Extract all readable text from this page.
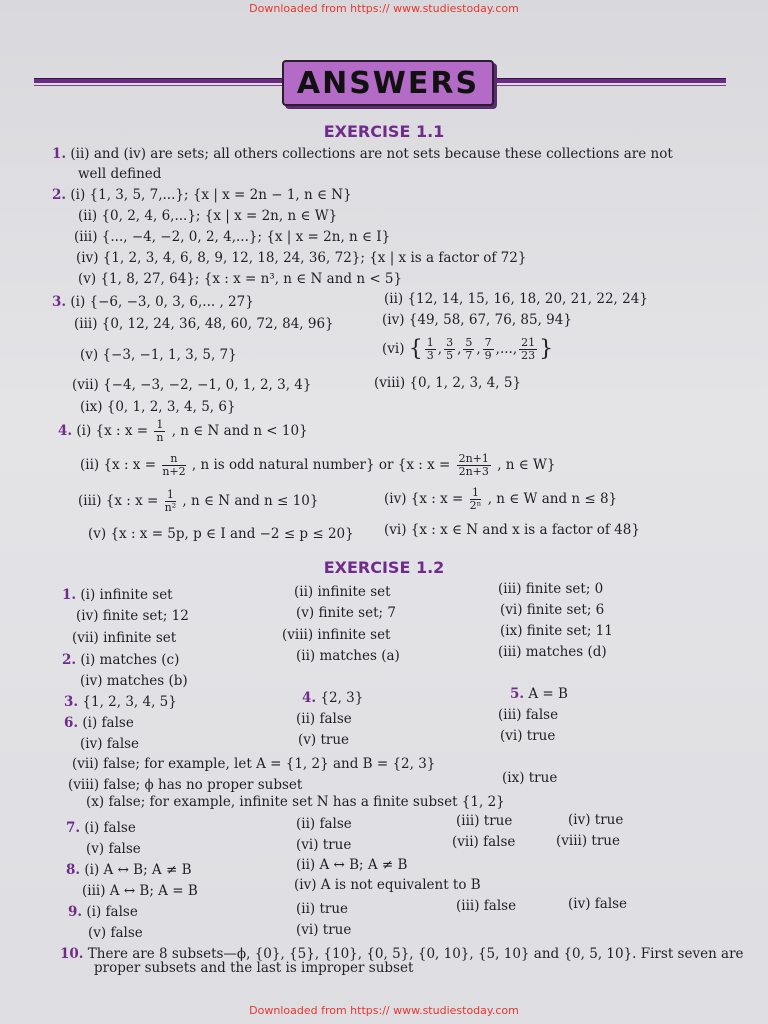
Downloaded from https:// www.studiestoday.com
ANSWERS
EXERCISE 1.1
1. (ii) and (iv) are sets; all others collections are not sets because these collections are not
well defined
2. (i) {1, 3, 5, 7,...}; {x | x = 2n − 1, n ∈ N}
(ii) {0, 2, 4, 6,...}; {x | x = 2n, n ∈ W}
(iii) {..., −4, −2, 0, 2, 4,...}; {x | x = 2n, n ∈ I}
(iv) {1, 2, 3, 4, 6, 8, 9, 12, 18, 24, 36, 72}; {x | x is a factor of 72}
(v) {1, 8, 27, 64}; {x : x = n³, n ∈ N and n < 5}
3. (i) {−6, −3, 0, 3, 6,... , 27}	(ii) {12, 14, 15, 16, 18, 20, 21, 22, 24}
(iii) {0, 12, 24, 36, 48, 60, 72, 84, 96}	(iv) {49, 58, 67, 76, 85, 94}
(v) {−3, −1, 1, 3, 5, 7}	(vi) { $\frac{1}{3}$ , $\frac{3}{5}$ , $\frac{5}{7}$ , $\frac{7}{9}$ ,..., $\frac{21}{23}$ }
(vii) {−4, −3, −2, −1, 0, 1, 2, 3, 4}	(viii) {0, 1, 2, 3, 4, 5}
(ix) {0, 1, 2, 3, 4, 5, 6}
4. (i) {x : $x = \frac{1}{n}$ , n ∈ N and n < 10}
(ii) {x : $x = \frac{n}{n+2}$ , n is odd natural number} or {x : $x = \frac{2n+1}{2n+3}$ , n ∈ W}
(iii) {x : $x = \frac{1}{\text{n²}}$ , n ∈ N and n ≤ 10}	(iv) {x : $x = \frac{1}{\text{2ⁿ}}$ , n ∈ W and n ≤ 8}
(v) {x : x = 5p, p ∈ I and −2 ≤ p ≤ 20} (vi) {x : x ∈ N and x is a factor of 48}
EXERCISE 1.2
1. (i) infinite set	(ii) infinite set	(iii) finite set; 0
(iv) finite set; 12	(v) finite set; 7	(vi) finite set; 6
(vii) infinite set	(viii) infinite set	(ix) finite set; 11
2. (i) matches (c)	(ii) matches (a)	(iii) matches (d)
(iv) matches (b)
3. {1, 2, 3, 4, 5}	4. {2, 3}	5. A = B
6. (i) false	(ii) false	(iii) false
(iv) false	(v) true	(vi) true
(vii) false; for example, let A = {1, 2} and B = {2, 3}
(viii) false; ϕ has no proper subset	(ix) true
(x) false; for example, infinite set N has a finite subset {1, 2}
7. (i) false	(ii) false	(iii) true	(iv) true
(v) false	(vi) true	(vii) false	(viii) true
8. (i) A ↔ B; A ≠ B	(ii) A ↔ B; A ≠ B
(iii) A ↔ B; A = B	(iv) A is not equivalent to B
9. (i) false	(ii) true	(iii) false	(iv) false
(v) false	(vi) true
10. There are 8 subsets—ϕ, {0}, {5}, {10}, {0, 5}, {0, 10}, {5, 10} and {0, 5, 10}. First seven are
proper subsets and the last is improper subset
Downloaded from https:// www.studiestoday.com
